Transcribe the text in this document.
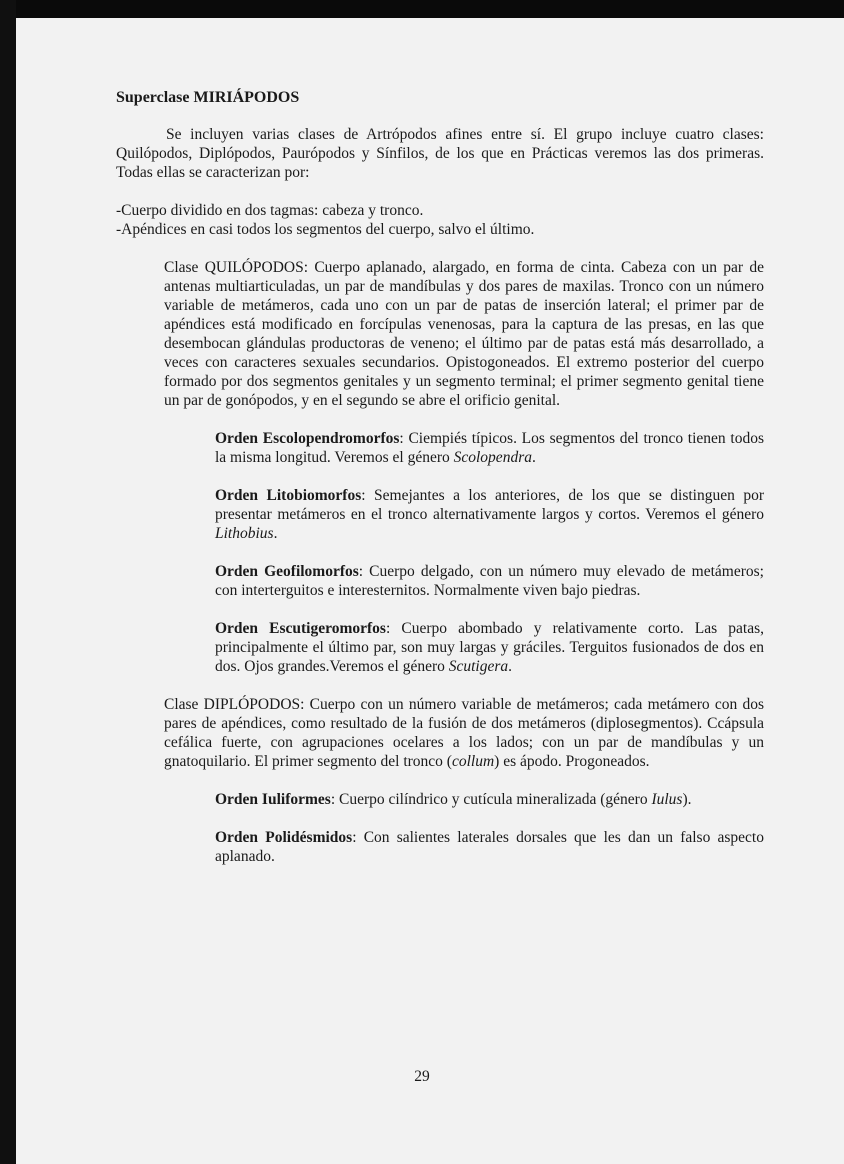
Superclase MIRIÁPODOS

Se incluyen varias clases de Artrópodos afines entre sí. El grupo incluye cuatro clases: Quilópodos, Diplópodos, Paurópodos y Sínfilos, de los que en Prácticas veremos las dos primeras. Todas ellas se caracterizan por:

-Cuerpo dividido en dos tagmas: cabeza y tronco.

-Apéndices en casi todos los segmentos del cuerpo, salvo el último.

Clase QUILÓPODOS: Cuerpo aplanado, alargado, en forma de cinta. Cabeza con un par de antenas multiarticuladas, un par de mandíbulas y dos pares de maxilas. Tronco con un número variable de metámeros, cada uno con un par de patas de inserción lateral; el primer par de apéndices está modificado en forcípulas venenosas, para la captura de las presas, en las que desembocan glándulas productoras de veneno; el último par de patas está más desarrollado, a veces con caracteres sexuales secundarios. Opistogoneados. El extremo posterior del cuerpo formado por dos segmentos genitales y un segmento terminal; el primer segmento genital tiene un par de gonópodos, y en el segundo se abre el orificio genital.

Orden Escolopendromorfos: Ciempiés típicos. Los segmentos del tronco tienen todos la misma longitud. Veremos el género Scolopendra.

Orden Litobiomorfos: Semejantes a los anteriores, de los que se distinguen por presentar metámeros en el tronco alternativamente largos y cortos. Veremos el género Lithobius.

Orden Geofilomorfos: Cuerpo delgado, con un número muy elevado de metámeros; con interterguitos e interesternitos. Normalmente viven bajo piedras.

Orden Escutigeromorfos: Cuerpo abombado y relativamente corto. Las patas, principalmente el último par, son muy largas y gráciles. Terguitos fusionados de dos en dos. Ojos grandes.Veremos el género Scutigera.

Clase DIPLÓPODOS: Cuerpo con un número variable de metámeros; cada metámero con dos pares de apéndices, como resultado de la fusión de dos metámeros (diplosegmentos). Ccápsula cefálica fuerte, con agrupaciones ocelares a los lados; con un par de mandíbulas y un gnatoquilario. El primer segmento del tronco (collum) es ápodo. Progoneados.

Orden Iuliformes: Cuerpo cilíndrico y cutícula mineralizada (género Iulus).

Orden Polidésmidos: Con salientes laterales dorsales que les dan un falso aspecto aplanado.

29
